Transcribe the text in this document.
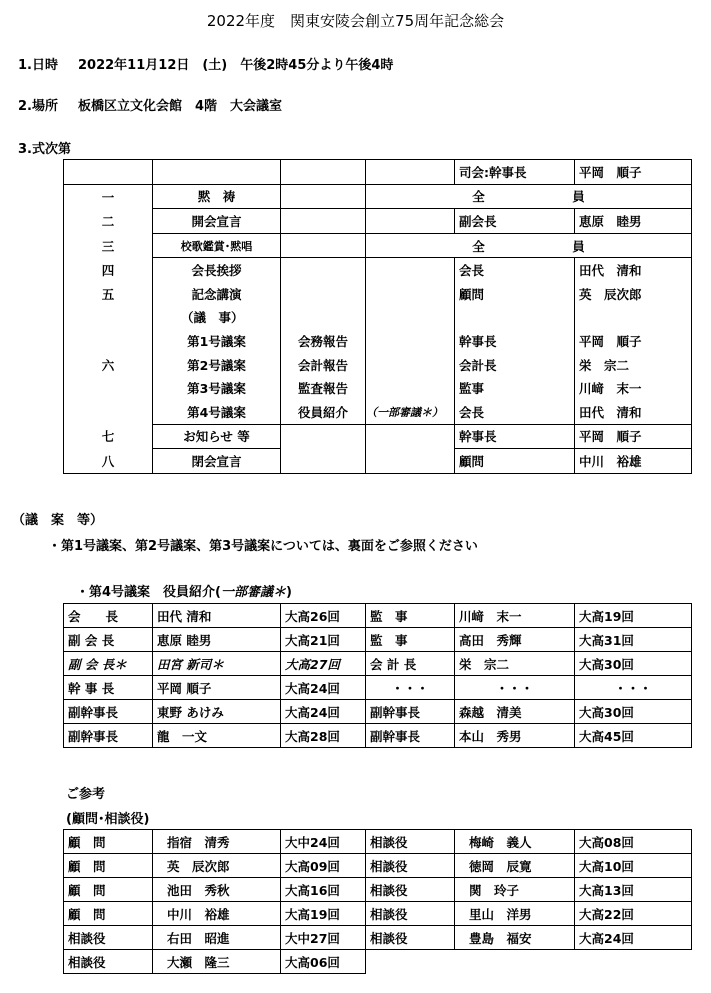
2022年度　関東安陵会創立75周年記念総会
1.日時 2022年11月12日　(土)　午後2時45分より午後4時
2.場所 板橋区立文化会館　4階　大会議室
3.式次第
				司会:幹事長	平岡　順子
一	黙　祷		全　　　　　　　員		
二	開会宣言			副会長	恵原　睦男
三	校歌鑑賞･黙唱		全　　　　　　　員		
四	会長挨拶			会長	田代　清和
五	記念講演			顧問	英　辰次郎
	（議　事）				
	第1号議案	会務報告		幹事長	平岡　順子
六	第2号議案	会計報告		会計長	栄　宗二
	第3号議案	監査報告		監事	川﨑　末一
	第4号議案	役員紹介	（一部審議＊）	会長	田代　清和
七	お知らせ 等			幹事長	平岡　順子
八	閉会宣言			顧問	中川　裕雄
（議　案　等）
・第1号議案、第2号議案、第3号議案については、裏面をご参照ください
・第4号議案　役員紹介(一部審議＊)
会　　長	田代 清和	大高26回	監　事	川﨑　末一	大高19回
副 会 長	恵原 睦男	大高21回	監　事	高田　秀輝	大高31回
副 会 長＊	田宮 新司＊	大高27回	会 計 長	栄　宗二	大高30回
幹 事 長	平岡 順子	大高24回	・・・	・・・	・・・
副幹事長	東野 あけみ	大高24回	副幹事長	森越　清美	大高30回
副幹事長	龍　一文	大高28回	副幹事長	本山　秀男	大高45回
ご参考
(顧問･相談役)
顧　問	指宿　清秀	大中24回	相談役	梅崎　義人	大高08回
顧　問	英　辰次郎	大高09回	相談役	徳岡　辰寛	大高10回
顧　問	池田　秀秋	大高16回	相談役	関　玲子	大高13回
顧　問	中川　裕雄	大高19回	相談役	里山　洋男	大高22回
相談役	右田　昭進	大中27回	相談役	豊島　福安	大高24回
相談役	大瀬　隆三	大高06回			
